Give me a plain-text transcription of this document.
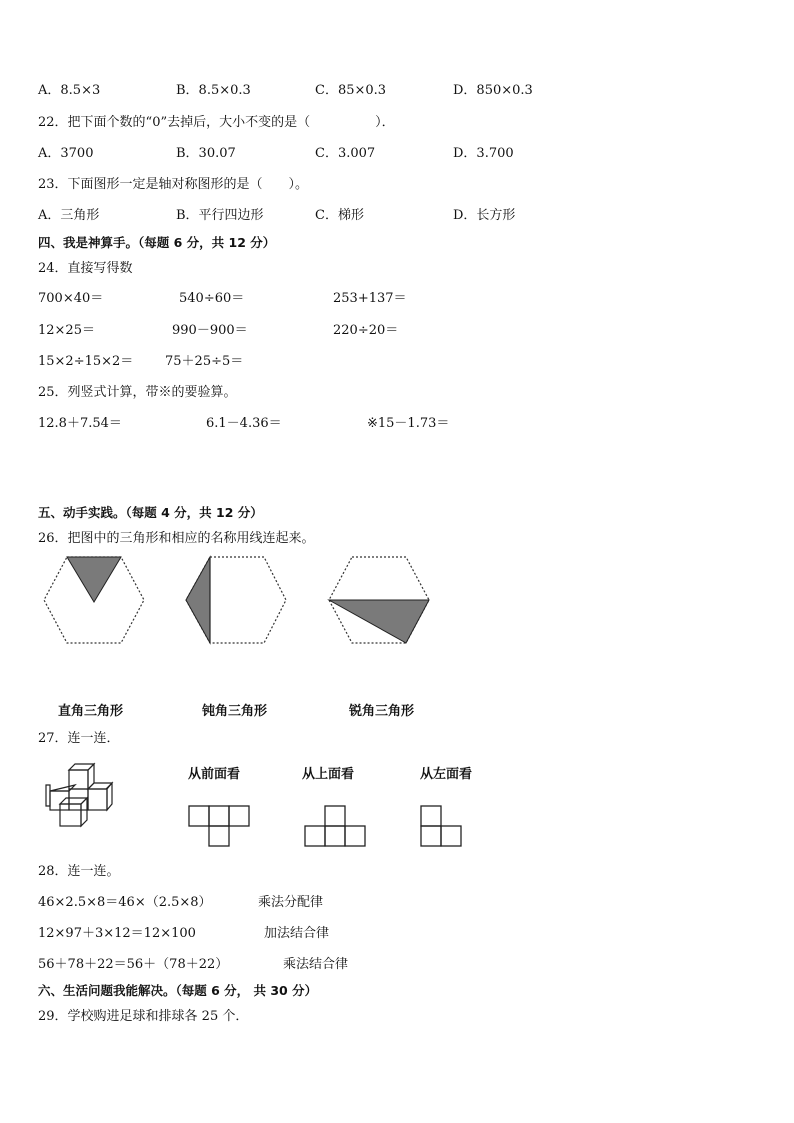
A．8.5×3	B．8.5×0.3	C．85×0.3	D．850×0.3
22．把下面个数的“0”去掉后，大小不变的是（　　　　　）．
A．3700	B．30.07	C．3.007	D．3.700
23．下面图形一定是轴对称图形的是（　　）。
A．三角形	B．平行四边形	C．梯形	D．长方形
四、我是神算手。（每题 6 分，共 12 分）
24．直接写得数
700×40＝	540÷60＝	253+137＝
12×25＝	990－900＝	220÷20＝
15×2÷15×2＝ 75＋25÷5＝
25．列竖式计算，带※的要验算。
12.8＋7.54＝	6.1－4.36＝	※15－1.73＝
五、动手实践。（每题 4 分，共 12 分）
26．把图中的三角形和相应的名称用线连起来。
直角三角形	钝角三角形	锐角三角形
27．连一连．
从前面看	从上面看	从左面看
28．连一连。
46×2.5×8＝46×（2.5×8）	乘法分配律
12×97＋3×12＝12×100	加法结合律
56＋78＋22＝56＋（78＋22）	乘法结合律
六、生活问题我能解决。（每题 6 分， 共 30 分）
29．学校购进足球和排球各 25 个．
